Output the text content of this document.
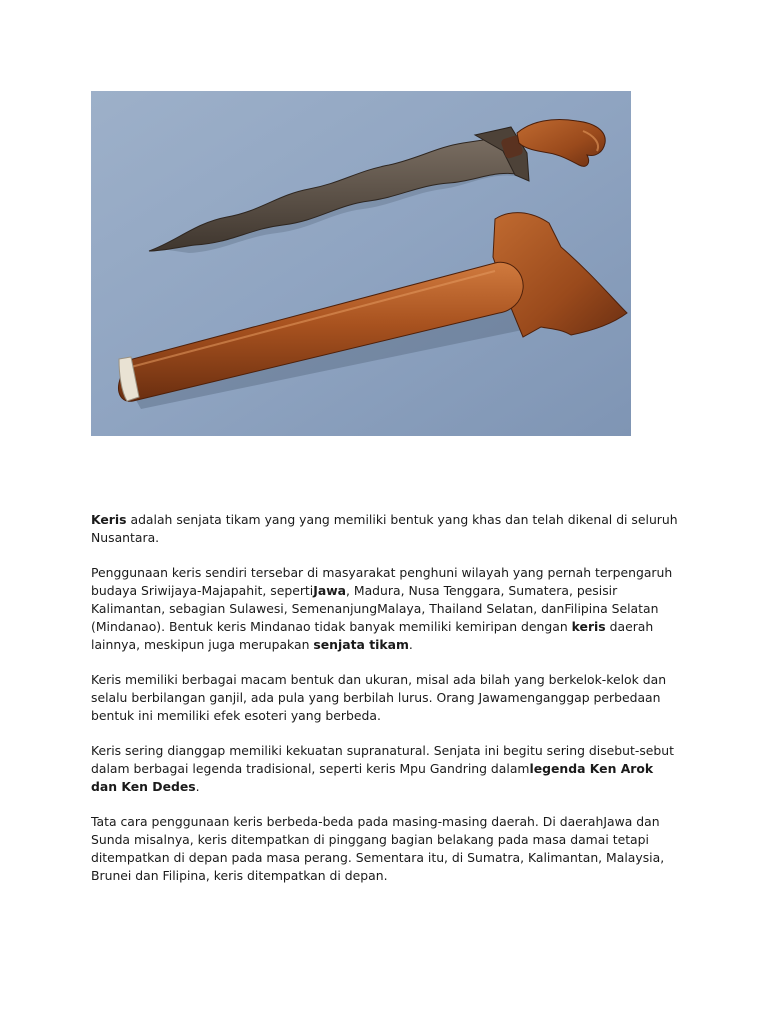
Keris adalah senjata tikam yang yang memiliki bentuk yang khas dan telah dikenal di seluruh Nusantara.

Penggunaan keris sendiri tersebar di masyarakat penghuni wilayah yang pernah terpengaruh budaya Sriwijaya-Majapahit, sepertiJawa, Madura, Nusa Tenggara, Sumatera, pesisir Kalimantan, sebagian Sulawesi, SemenanjungMalaya, Thailand Selatan, danFilipina Selatan (Mindanao). Bentuk keris Mindanao tidak banyak memiliki kemiripan dengan keris daerah lainnya, meskipun juga merupakan senjata tikam.

Keris memiliki berbagai macam bentuk dan ukuran, misal ada bilah yang berkelok-kelok dan selalu berbilangan ganjil, ada pula yang berbilah lurus. Orang Jawamenganggap perbedaan bentuk ini memiliki efek esoteri yang berbeda.

Keris sering dianggap memiliki kekuatan supranatural. Senjata ini begitu sering disebut-sebut dalam berbagai legenda tradisional, seperti keris Mpu Gandring dalamlegenda Ken Arok dan Ken Dedes.

Tata cara penggunaan keris berbeda-beda pada masing-masing daerah. Di daerahJawa dan Sunda misalnya, keris ditempatkan di pinggang bagian belakang pada masa damai tetapi ditempatkan di depan pada masa perang. Sementara itu, di Sumatra, Kalimantan, Malaysia, Brunei dan Filipina, keris ditempatkan di depan.
